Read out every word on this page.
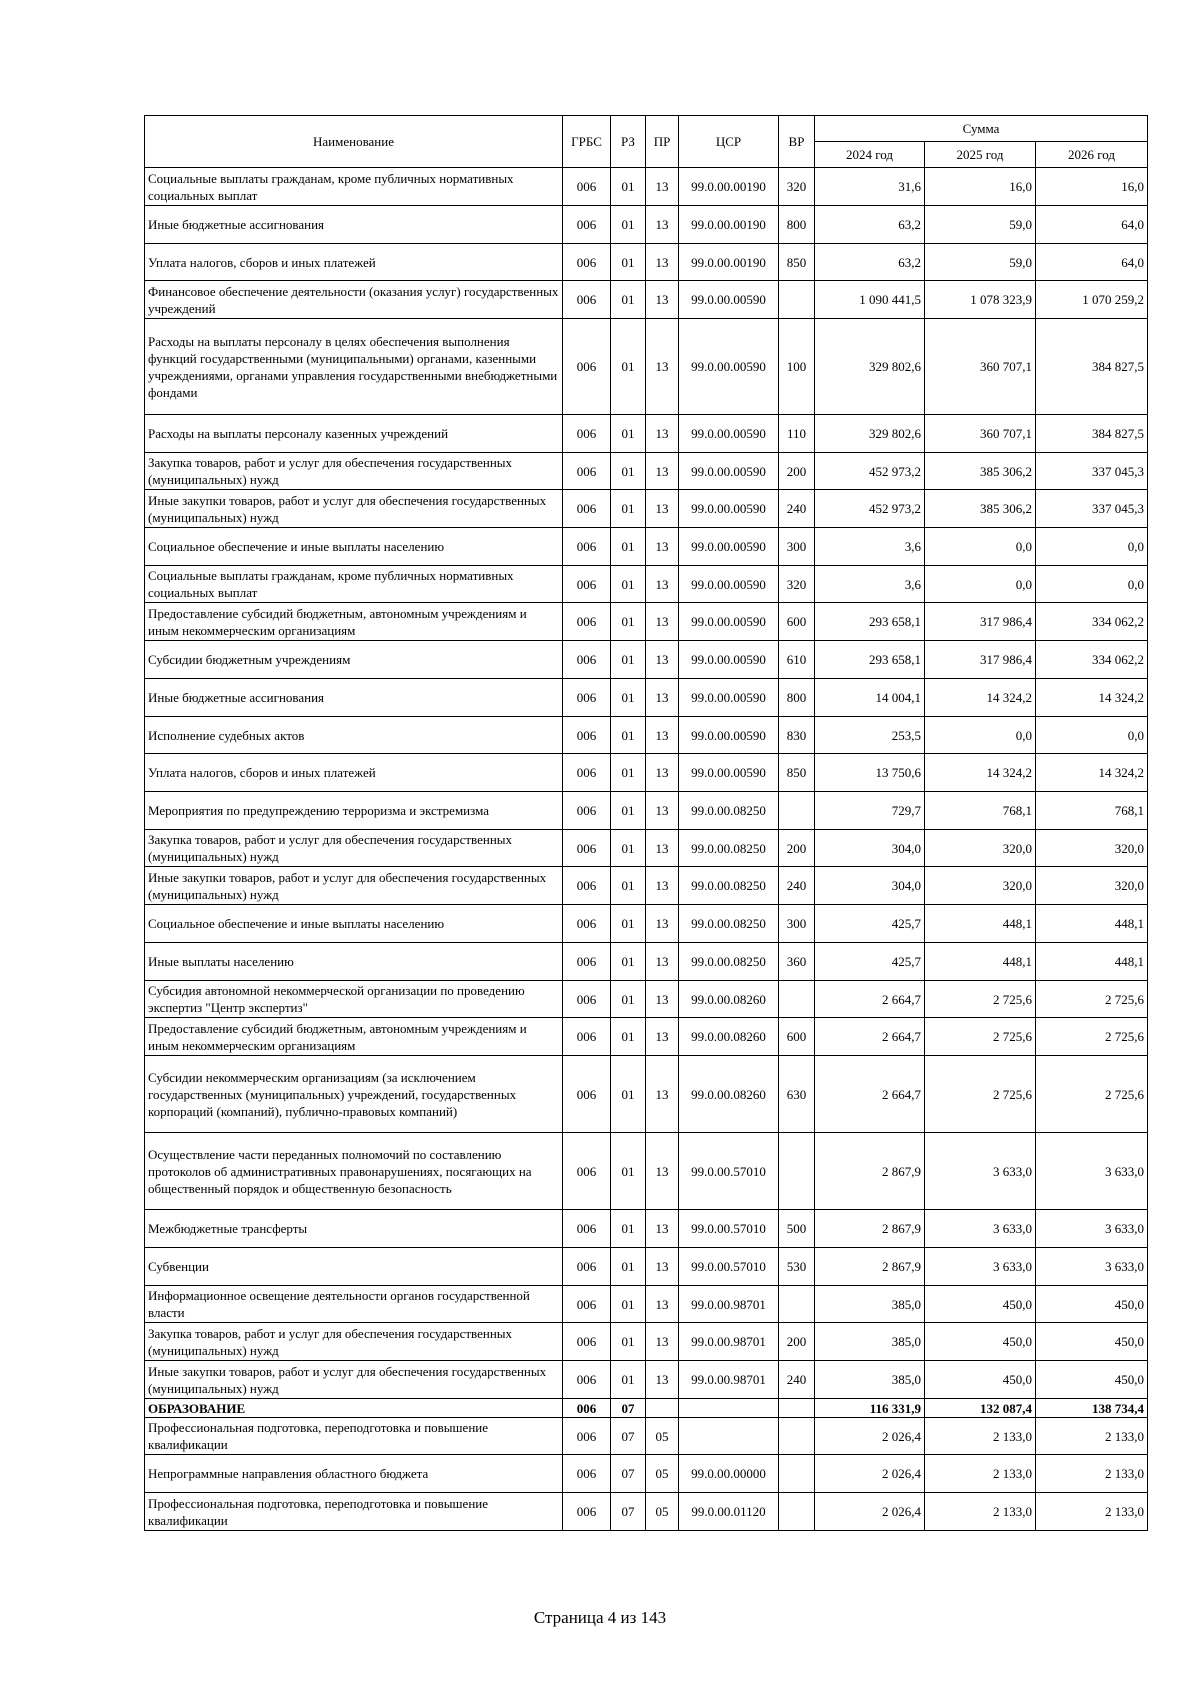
Наименование	ГРБС	РЗ	ПР	ЦСР	ВР	Сумма		
						2024 год	2025 год	2026 год
Социальные выплаты гражданам, кроме публичных нормативных социальных выплат	006	01	13	99.0.00.00190	320	31,6	16,0	16,0
Иные бюджетные ассигнования	006	01	13	99.0.00.00190	800	63,2	59,0	64,0
Уплата налогов, сборов и иных платежей	006	01	13	99.0.00.00190	850	63,2	59,0	64,0
Финансовое обеспечение деятельности (оказания услуг) государственных учреждений	006	01	13	99.0.00.00590		1 090 441,5	1 078 323,9	1 070 259,2
Расходы на выплаты персоналу в целях обеспечения выполнения функций государственными (муниципальными) органами, казенными учреждениями, органами управления государственными внебюджетными фондами	006	01	13	99.0.00.00590	100	329 802,6	360 707,1	384 827,5
Расходы на выплаты персоналу казенных учреждений	006	01	13	99.0.00.00590	110	329 802,6	360 707,1	384 827,5
Закупка товаров, работ и услуг для обеспечения государственных (муниципальных) нужд	006	01	13	99.0.00.00590	200	452 973,2	385 306,2	337 045,3
Иные закупки товаров, работ и услуг для обеспечения государственных (муниципальных) нужд	006	01	13	99.0.00.00590	240	452 973,2	385 306,2	337 045,3
Социальное обеспечение и иные выплаты населению	006	01	13	99.0.00.00590	300	3,6	0,0	0,0
Социальные выплаты гражданам, кроме публичных нормативных социальных выплат	006	01	13	99.0.00.00590	320	3,6	0,0	0,0
Предоставление субсидий бюджетным, автономным учреждениям и иным некоммерческим организациям	006	01	13	99.0.00.00590	600	293 658,1	317 986,4	334 062,2
Субсидии бюджетным учреждениям	006	01	13	99.0.00.00590	610	293 658,1	317 986,4	334 062,2
Иные бюджетные ассигнования	006	01	13	99.0.00.00590	800	14 004,1	14 324,2	14 324,2
Исполнение судебных актов	006	01	13	99.0.00.00590	830	253,5	0,0	0,0
Уплата налогов, сборов и иных платежей	006	01	13	99.0.00.00590	850	13 750,6	14 324,2	14 324,2
Мероприятия по предупреждению терроризма и экстремизма	006	01	13	99.0.00.08250		729,7	768,1	768,1
Закупка товаров, работ и услуг для обеспечения государственных (муниципальных) нужд	006	01	13	99.0.00.08250	200	304,0	320,0	320,0
Иные закупки товаров, работ и услуг для обеспечения государственных (муниципальных) нужд	006	01	13	99.0.00.08250	240	304,0	320,0	320,0
Социальное обеспечение и иные выплаты населению	006	01	13	99.0.00.08250	300	425,7	448,1	448,1
Иные выплаты населению	006	01	13	99.0.00.08250	360	425,7	448,1	448,1
Субсидия автономной некоммерческой организации по проведению экспертиз "Центр экспертиз"	006	01	13	99.0.00.08260		2 664,7	2 725,6	2 725,6
Предоставление субсидий бюджетным, автономным учреждениям и иным некоммерческим организациям	006	01	13	99.0.00.08260	600	2 664,7	2 725,6	2 725,6
Субсидии некоммерческим организациям (за исключением государственных (муниципальных) учреждений, государственных корпораций (компаний), публично-правовых компаний)	006	01	13	99.0.00.08260	630	2 664,7	2 725,6	2 725,6
Осуществление части переданных полномочий по составлению протоколов об административных правонарушениях, посягающих на общественный порядок и общественную безопасность	006	01	13	99.0.00.57010		2 867,9	3 633,0	3 633,0
Межбюджетные трансферты	006	01	13	99.0.00.57010	500	2 867,9	3 633,0	3 633,0
Субвенции	006	01	13	99.0.00.57010	530	2 867,9	3 633,0	3 633,0
Информационное освещение деятельности органов государственной власти	006	01	13	99.0.00.98701		385,0	450,0	450,0
Закупка товаров, работ и услуг для обеспечения государственных (муниципальных) нужд	006	01	13	99.0.00.98701	200	385,0	450,0	450,0
Иные закупки товаров, работ и услуг для обеспечения государственных (муниципальных) нужд	006	01	13	99.0.00.98701	240	385,0	450,0	450,0
ОБРАЗОВАНИЕ	006	07				116 331,9	132 087,4	138 734,4
Профессиональная подготовка, переподготовка и повышение квалификации	006	07	05			2 026,4	2 133,0	2 133,0
Непрограммные направления областного бюджета	006	07	05	99.0.00.00000		2 026,4	2 133,0	2 133,0
Профессиональная подготовка, переподготовка и повышение квалификации	006	07	05	99.0.00.01120		2 026,4	2 133,0	2 133,0
Страница 4 из 143
